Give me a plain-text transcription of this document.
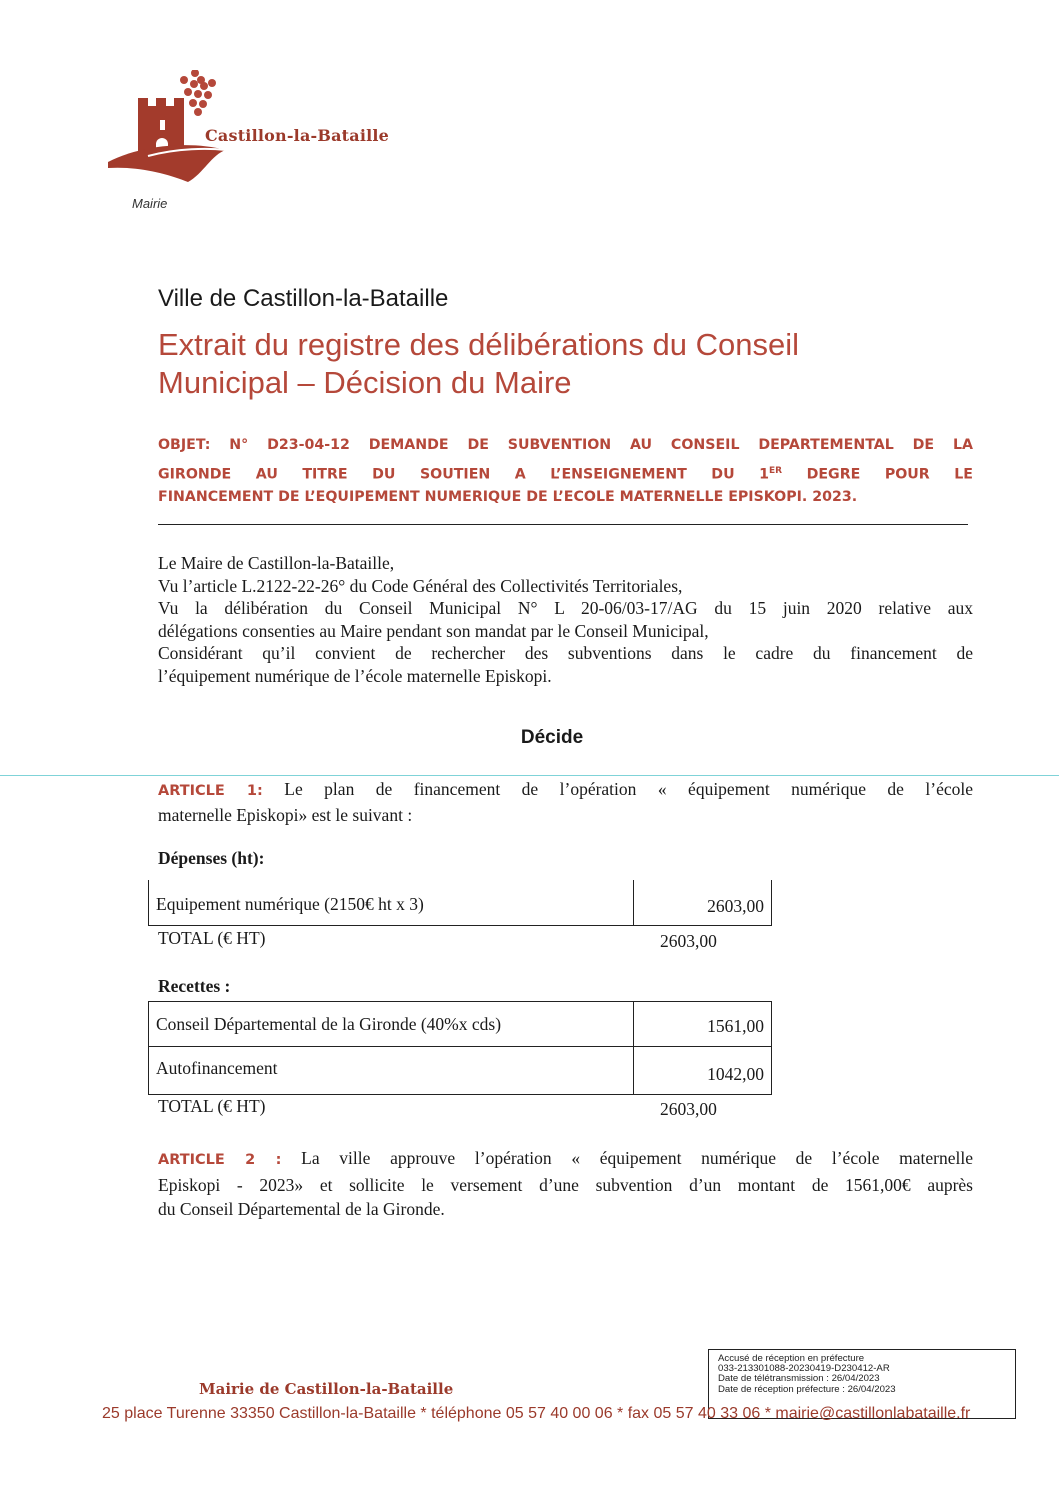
Castillon-la-Bataille
Mairie
Ville de Castillon-la-Bataille
Extrait du registre des délibérations du Conseil
Municipal – Décision du Maire
OBJET: N° D23-04-12 DEMANDE DE SUBVENTION AU CONSEIL DEPARTEMENTAL DE LA
GIRONDE AU TITRE DU SOUTIEN A L’ENSEIGNEMENT DU 1ER DEGRE POUR LE
FINANCEMENT DE L’EQUIPEMENT NUMERIQUE DE L’ECOLE MATERNELLE EPISKOPI. 2023.
Le Maire de Castillon-la-Bataille,
Vu l’article L.2122-22-26° du Code Général des Collectivités Territoriales,
Vu la délibération du Conseil Municipal N° L 20-06/03-17/AG du 15 juin 2020 relative aux
délégations consenties au Maire pendant son mandat par le Conseil Municipal,
Considérant qu’il convient de rechercher des subventions dans le cadre du financement de
l’équipement numérique de l’école maternelle Episkopi.
Décide
ARTICLE 1: Le plan de financement de l’opération « équipement numérique de l’école
maternelle Episkopi» est le suivant :
Dépenses (ht):
Equipement numérique (2150€ ht x 3)	2603,00
TOTAL (€ HT)	2603,00
Recettes :
Conseil Départemental de la Gironde (40%x cds)	1561,00
Autofinancement	1042,00
TOTAL (€ HT)	2603,00
ARTICLE 2 : La ville approuve l’opération « équipement numérique de l’école maternelle
Episkopi - 2023» et sollicite le versement d’une subvention d’un montant de 1561,00€ auprès
du Conseil Départemental de la Gironde.
Accusé de réception en préfecture
033-213301088-20230419-D230412-AR
Date de télétransmission : 26/04/2023
Date de réception préfecture : 26/04/2023
Mairie de Castillon-la-Bataille
25 place Turenne 33350 Castillon-la-Bataille * téléphone 05 57 40 00 06 * fax 05 57 40 33 06 * mairie@castillonlabataille.fr
